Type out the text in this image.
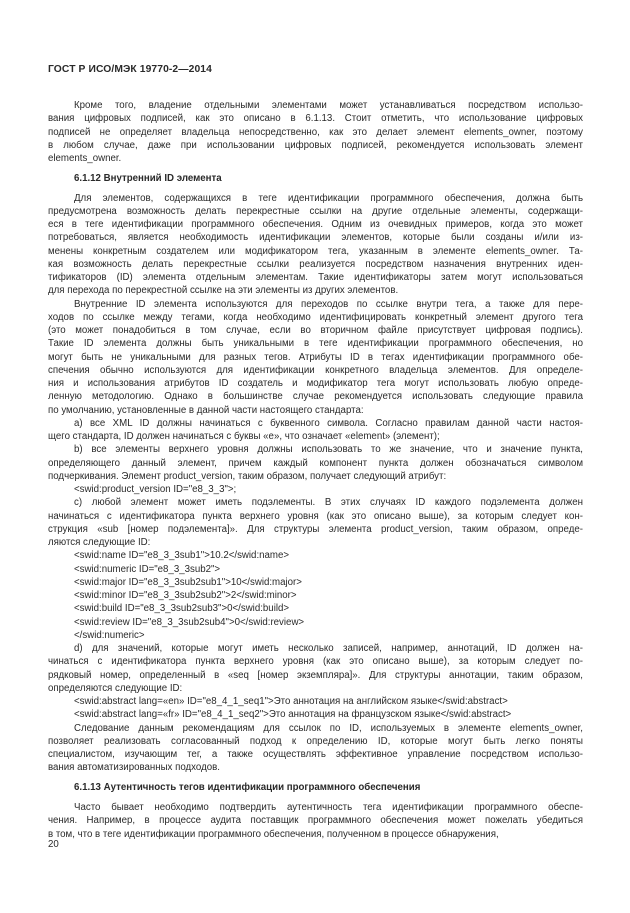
ГОСТ Р ИСО/МЭК 19770-2—2014
Кроме того, владение отдельными элементами может устанавливаться посредством использо-
вания цифровых подписей, как это описано в 6.1.13. Стоит отметить, что использование цифровых
подписей не определяет владельца непосредственно, как это делает элемент elements_owner, поэтому
в любом случае, даже при использовании цифровых подписей, рекомендуется использовать элемент
elements_owner.
6.1.12 Внутренний ID элемента
Для элементов, содержащихся в теге идентификации программного обеспечения, должна быть
предусмотрена возможность делать перекрестные ссылки на другие отдельные элементы, содержащи-
еся в теге идентификации программного обеспечения. Одним из очевидных примеров, когда это может
потребоваться, является необходимость идентификации элементов, которые были созданы и/или из-
менены конкретным создателем или модификатором тега, указанным в элементе elements_owner. Та-
кая возможность делать перекрестные ссылки реализуется посредством назначения внутренних иден-
тификаторов (ID) элемента отдельным элементам. Такие идентификаторы затем могут использоваться
для перехода по перекрестной ссылке на эти элементы из других элементов.
Внутренние ID элемента используются для переходов по ссылке внутри тега, а также для пере-
ходов по ссылке между тегами, когда необходимо идентифицировать конкретный элемент другого тега
(это может понадобиться в том случае, если во вторичном файле присутствует цифровая подпись).
Такие ID элемента должны быть уникальными в теге идентификации программного обеспечения, но
могут быть не уникальными для разных тегов. Атрибуты ID в тегах идентификации программного обе-
спечения обычно используются для идентификации конкретного владельца элементов. Для определе-
ния и использования атрибутов ID создатель и модификатор тега могут использовать любую опреде-
ленную методологию. Однако в большинстве случае рекомендуется использовать следующие правила
по умолчанию, установленные в данной части настоящего стандарта:
a) все XML ID должны начинаться с буквенного символа. Согласно правилам данной части настоя-
щего стандарта, ID должен начинаться с буквы «e», что означает «element» (элемент);
b) все элементы верхнего уровня должны использовать то же значение, что и значение пункта,
определяющего данный элемент, причем каждый компонент пункта должен обозначаться символом
подчеркивания. Элемент product_version, таким образом, получает следующий атрибут:
<swid:product_version ID="e8_3_3">;
c) любой элемент может иметь подэлементы. В этих случаях ID каждого подэлемента должен
начинаться с идентификатора пункта верхнего уровня (как это описано выше), за которым следует кон-
струкция «sub [номер подэлемента]». Для структуры элемента product_version, таким образом, опреде-
ляются следующие ID:
<swid:name ID="e8_3_3sub1">10.2</swid:name>
<swid:numeric ID="e8_3_3sub2">
<swid:major ID="e8_3_3sub2sub1">10</swid:major>
<swid:minor ID="e8_3_3sub2sub2">2</swid:minor>
<swid:build ID="e8_3_3sub2sub3">0</swid:build>
<swid:review ID="e8_3_3sub2sub4">0</swid:review>
</swid:numeric>
d) для значений, которые могут иметь несколько записей, например, аннотаций, ID должен на-
чинаться с идентификатора пункта верхнего уровня (как это описано выше), за которым следует по-
рядковый номер, определенный в «seq [номер экземпляра]». Для структуры аннотации, таким образом,
определяются следующие ID:
<swid:abstract lang=«en» ID="e8_4_1_seq1">Это аннотация на английском языке</swid:abstract>
<swid:abstract lang=«fr» ID="e8_4_1_seq2">Это аннотация на французском языке</swid:abstract>
Следование данным рекомендациям для ссылок по ID, используемых в элементе elements_owner,
позволяет реализовать согласованный подход к определению ID, которые могут быть легко поняты
специалистом, изучающим тег, а также осуществлять эффективное управление посредством использо-
вания автоматизированных подходов.
6.1.13 Аутентичность тегов идентификации программного обеспечения
Часто бывает необходимо подтвердить аутентичность тега идентификации программного обеспе-
чения. Например, в процессе аудита поставщик программного обеспечения может пожелать убедиться
в том, что в теге идентификации программного обеспечения, полученном в процессе обнаружения,
20
